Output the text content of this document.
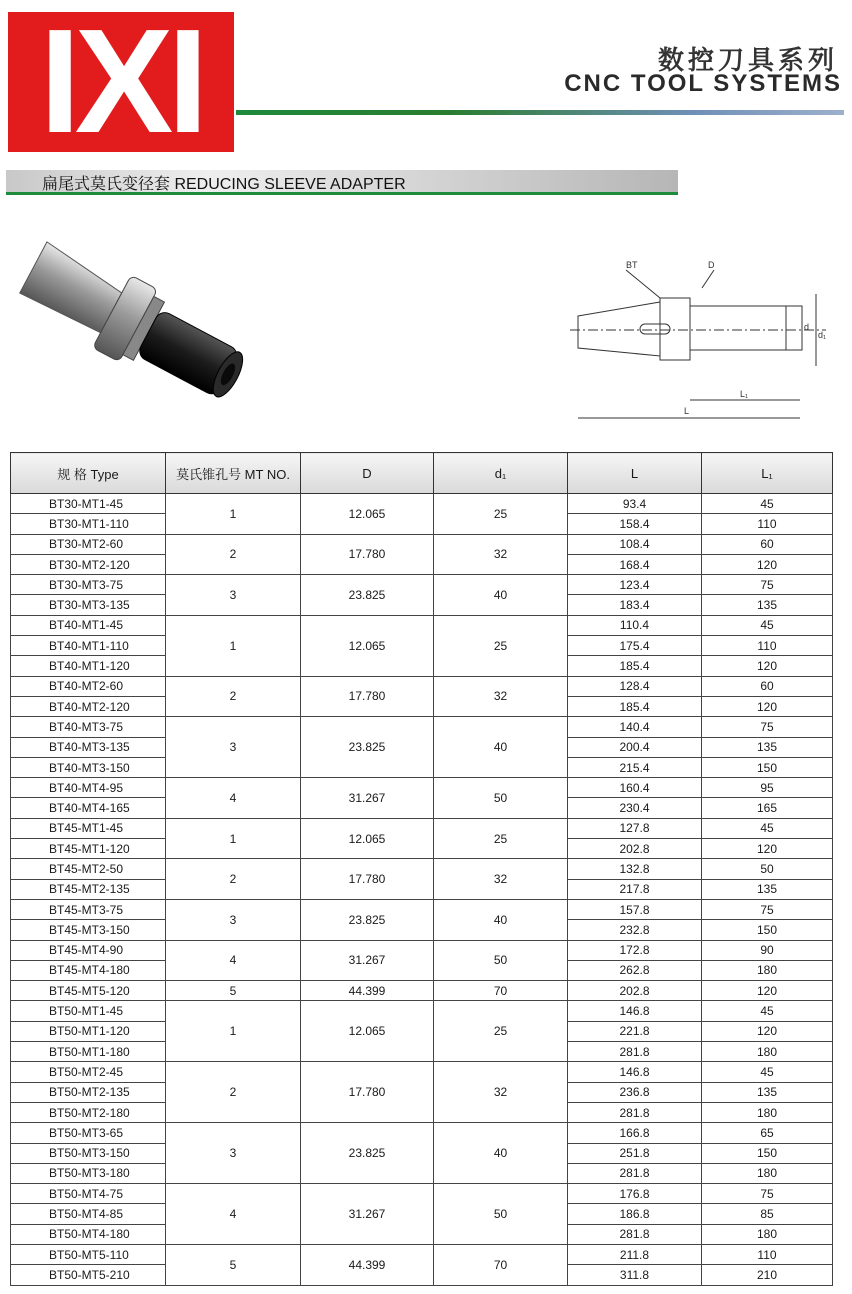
IXI	数控刀具系列
CNC TOOL SYSTEMS
扁尾式莫氏变径套 REDUCING SLEEVE ADAPTER
BT	D
d
d₁
L
L₁
规 格 Type	莫氏锥孔号 MT NO.	D	d₁	L	L₁
BT30-MT1-45	1	12.065	25	93.4	45
BT30-MT1-110				158.4	110
BT30-MT2-60	2	17.780	32	108.4	60
BT30-MT2-120				168.4	120
BT30-MT3-75	3	23.825	40	123.4	75
BT30-MT3-135				183.4	135
BT40-MT1-45	1	12.065	25	110.4	45
BT40-MT1-110				175.4	110
BT40-MT1-120				185.4	120
BT40-MT2-60	2	17.780	32	128.4	60
BT40-MT2-120				185.4	120
BT40-MT3-75	3	23.825	40	140.4	75
BT40-MT3-135				200.4	135
BT40-MT3-150				215.4	150
BT40-MT4-95	4	31.267	50	160.4	95
BT40-MT4-165				230.4	165
BT45-MT1-45	1	12.065	25	127.8	45
BT45-MT1-120				202.8	120
BT45-MT2-50	2	17.780	32	132.8	50
BT45-MT2-135				217.8	135
BT45-MT3-75	3	23.825	40	157.8	75
BT45-MT3-150				232.8	150
BT45-MT4-90	4	31.267	50	172.8	90
BT45-MT4-180				262.8	180
BT45-MT5-120	5	44.399	70	202.8	120
BT50-MT1-45	1	12.065	25	146.8	45
BT50-MT1-120				221.8	120
BT50-MT1-180				281.8	180
BT50-MT2-45	2	17.780	32	146.8	45
BT50-MT2-135				236.8	135
BT50-MT2-180				281.8	180
BT50-MT3-65	3	23.825	40	166.8	65
BT50-MT3-150				251.8	150
BT50-MT3-180				281.8	180
BT50-MT4-75	4	31.267	50	176.8	75
BT50-MT4-85				186.8	85
BT50-MT4-180				281.8	180
BT50-MT5-110	5	44.399	70	211.8	110
BT50-MT5-210				311.8	210
